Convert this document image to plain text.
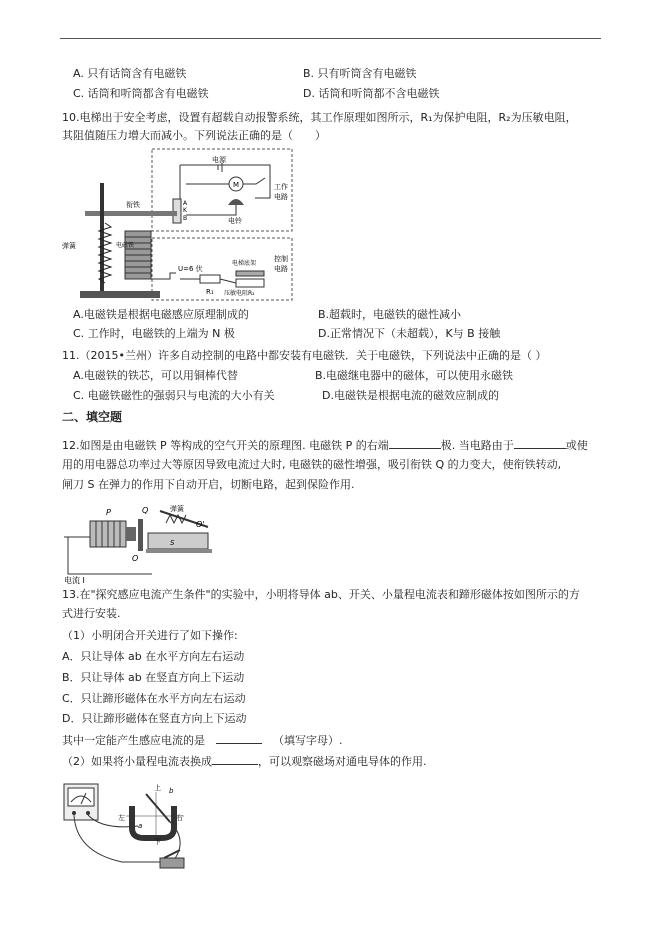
A. 只有话筒含有电磁铁	B. 只有听筒含有电磁铁
C. 话筒和听筒都含有电磁铁	D. 话筒和听筒都不含电磁铁
10.电梯出于安全考虑，设置有超载自动报警系统，其工作原理如图所示，R₁为保护电阻，R₂为压敏电阻，
其阻值随压力增大而减小。下列说法正确的是（　　）
电源
M	工作
电路
电铃
A
K
B
衔铁
弹簧	电磁铁
U=6 伏
R₁
电梯底架
压敏电阻R₂
控制
电路
A.电磁铁是根据电磁感应原理制成的	B.超载时，电磁铁的磁性减小
C. 工作时，电磁铁的上端为 N 极	D.正常情况下（未超载），K与 B 接触
11.（2015•兰州）许多自动控制的电路中都安装有电磁铁．关于电磁铁，下列说法中正确的是（ ）
A.电磁铁的铁芯，可以用铜棒代替	B.电磁继电器中的磁体，可以使用永磁铁
C. 电磁铁磁性的强弱只与电流的大小有关	D.电磁铁是根据电流的磁效应制成的
二、填空题
12.如图是由电磁铁 P 等构成的空气开关的原理图. 电磁铁 P 的右端	极. 当电路由于	或使
用的用电器总功率过大等原因导致电流过大时, 电磁铁的磁性增强，吸引衔铁 Q 的力变大，使衔铁转动,
闸刀 S 在弹力的作用下自动开启，切断电路，起到保险作用.
P	Q	弹簧
S
O'
O
电流 I
13.在"探究感应电流产生条件"的实验中，小明将导体 ab、开关、小量程电流表和蹄形磁体按如图所示的方
式进行安装.
（1）小明闭合开关进行了如下操作:
A．只让导体 ab 在水平方向左右运动
B．只让导体 ab 在竖直方向上下运动
C．只让蹄形磁体在水平方向左右运动
D．只让蹄形磁体在竖直方向上下运动
其中一定能产生感应电流的是  	（填写字母）.
（2）如果将小量程电流表换成	，可以观察磁场对通电导体的作用.
b
a
上
左	右
下
